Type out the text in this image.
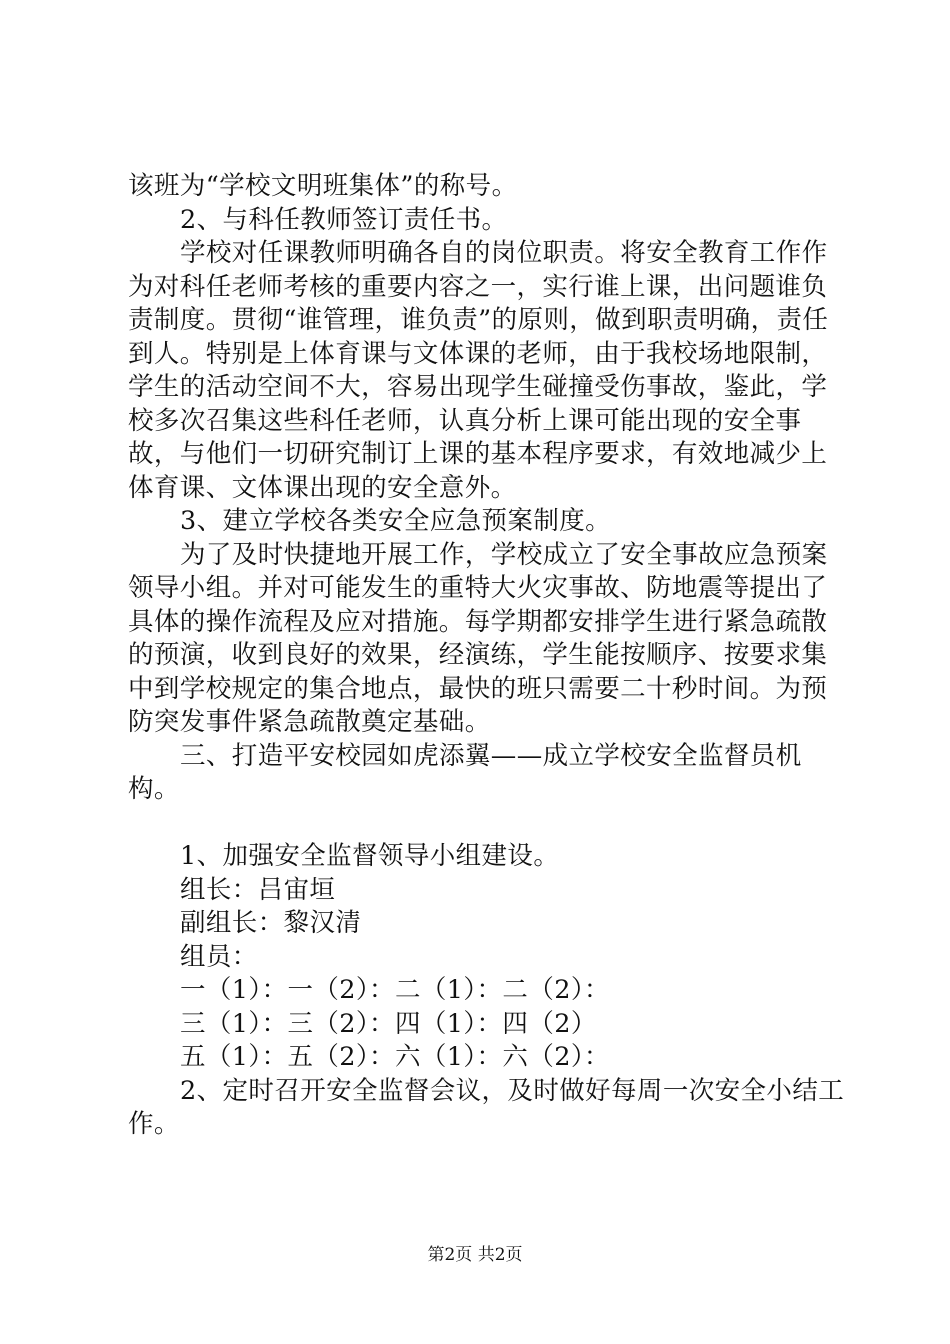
该班为“学校文明班集体”的称号。

2、与科任教师签订责任书。

学校对任课教师明确各自的岗位职责。将安全教育工作作为对科任老师考核的重要内容之一，实行谁上课，出问题谁负责制度。贯彻“谁管理，谁负责”的原则，做到职责明确，责任到人。特别是上体育课与文体课的老师，由于我校场地限制，学生的活动空间不大，容易出现学生碰撞受伤事故，鉴此，学校多次召集这些科任老师，认真分析上课可能出现的安全事故，与他们一切研究制订上课的基本程序要求，有效地减少上体育课、文体课出现的安全意外。

3、建立学校各类安全应急预案制度。

为了及时快捷地开展工作，学校成立了安全事故应急预案领导小组。并对可能发生的重特大火灾事故、防地震等提出了具体的操作流程及应对措施。每学期都安排学生进行紧急疏散的预演，收到良好的效果，经演练，学生能按顺序、按要求集中到学校规定的集合地点，最快的班只需要二十秒时间。为预防突发事件紧急疏散奠定基础。

三、打造平安校园如虎添翼——成立学校安全监督员机构。

1、加强安全监督领导小组建设。

组长：吕宙垣

副组长：黎汉清

组员：

一（1）：一（2）：二（1）：二（2）：

三（1）：三（2）：四（1）：四（2）

五（1）：五（2）：六（1）：六（2）：

2、定时召开安全监督会议，及时做好每周一次安全小结工作。

第2页 共2页
